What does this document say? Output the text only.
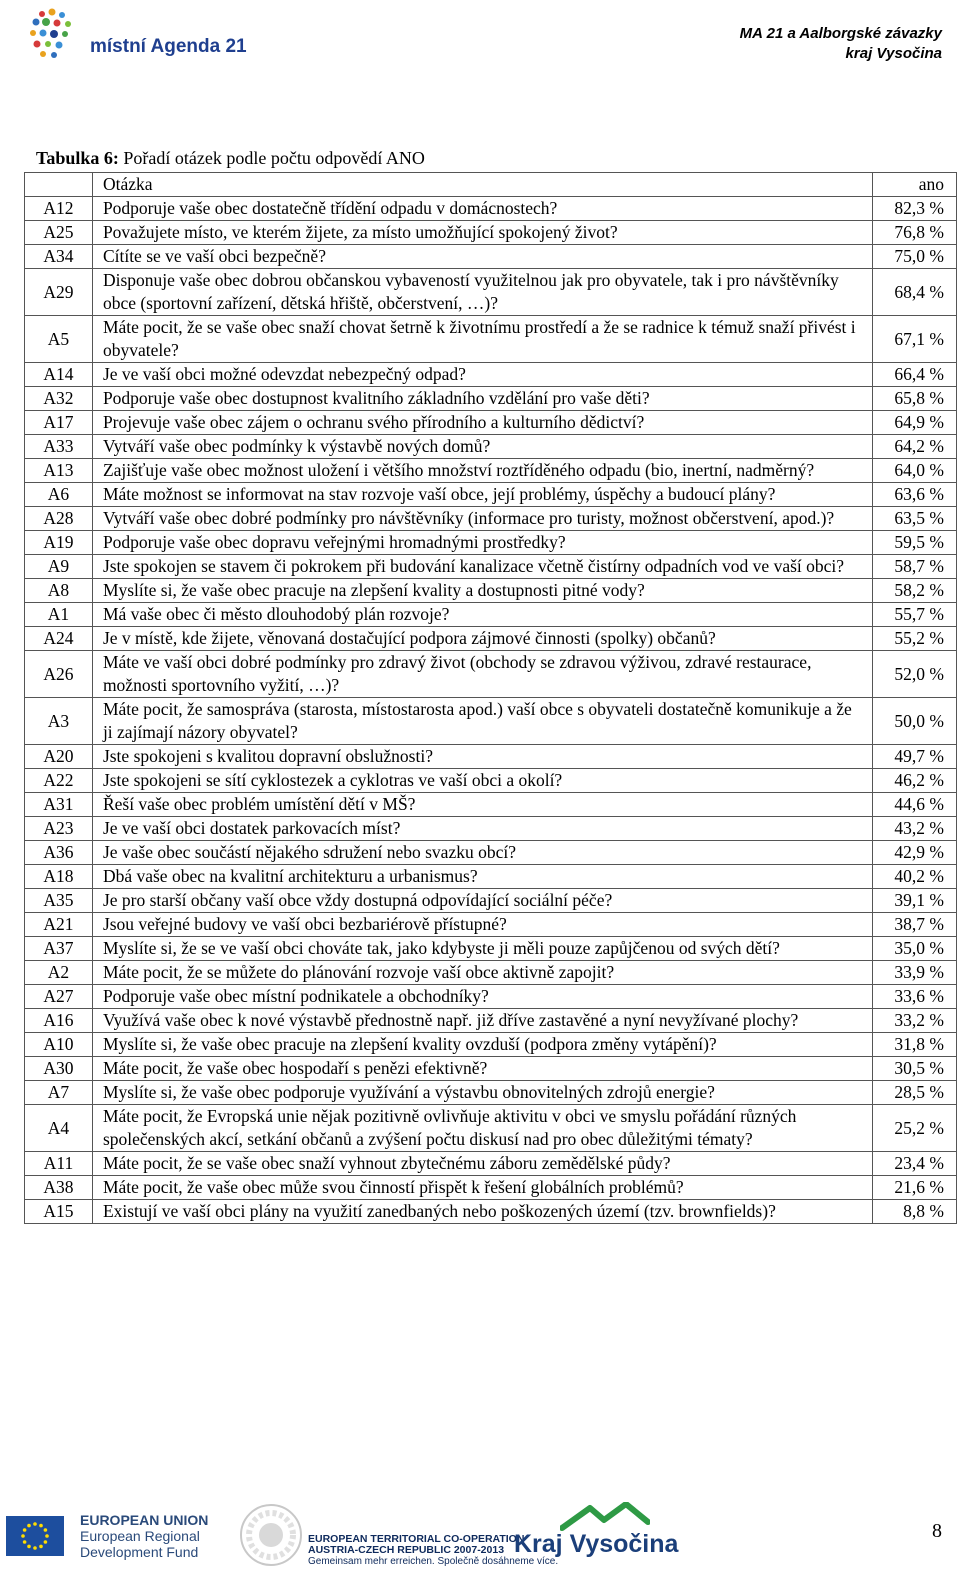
místní Agenda 21
MA 21 a Aalborgské závazky
kraj Vysočina
Tabulka 6: Pořadí otázek podle počtu odpovědí ANO
	Otázka	ano
A12	Podporuje vaše obec dostatečně třídění odpadu v domácnostech?	82,3 %
A25	Považujete místo, ve kterém žijete, za místo umožňující spokojený život?	76,8 %
A34	Cítíte se ve vaší obci bezpečně?	75,0 %
A29	Disponuje vaše obec dobrou občanskou vybaveností využitelnou jak pro obyvatele, tak i pro návštěvníky obce (sportovní zařízení, dětská hřiště, občerstvení, …)?	68,4 %
A5	Máte pocit, že se vaše obec snaží chovat šetrně k životnímu prostředí a že se radnice k témuž snaží přivést i obyvatele?	67,1 %
A14	Je ve vaší obci možné odevzdat nebezpečný odpad?	66,4 %
A32	Podporuje vaše obec dostupnost kvalitního základního vzdělání pro vaše děti?	65,8 %
A17	Projevuje vaše obec zájem o ochranu svého přírodního a kulturního dědictví?	64,9 %
A33	Vytváří vaše obec podmínky k výstavbě nových domů?	64,2 %
A13	Zajišťuje vaše obec možnost uložení i většího množství roztříděného odpadu (bio, inertní, nadměrný?	64,0 %
A6	Máte možnost se informovat na stav rozvoje vaší obce, její problémy, úspěchy a budoucí plány?	63,6 %
A28	Vytváří vaše obec dobré podmínky pro návštěvníky (informace pro turisty, možnost občerstvení, apod.)?	63,5 %
A19	Podporuje vaše obec dopravu veřejnými hromadnými prostředky?	59,5 %
A9	Jste spokojen se stavem či pokrokem při budování kanalizace včetně čistírny odpadních vod ve vaší obci?	58,7 %
A8	Myslíte si, že vaše obec pracuje na zlepšení kvality a dostupnosti pitné vody?	58,2 %
A1	Má vaše obec či město dlouhodobý plán rozvoje?	55,7 %
A24	Je v místě, kde žijete, věnovaná dostačující podpora zájmové činnosti (spolky) občanů?	55,2 %
A26	Máte ve vaší obci dobré podmínky pro zdravý život (obchody se zdravou výživou, zdravé restaurace, možnosti sportovního vyžití, …)?	52,0 %
A3	Máte pocit, že samospráva (starosta, místostarosta apod.) vaší obce s obyvateli dostatečně komunikuje a že ji zajímají názory obyvatel?	50,0 %
A20	Jste spokojeni s kvalitou dopravní obslužnosti?	49,7 %
A22	Jste spokojeni se sítí cyklostezek a cyklotras ve vaší obci a okolí?	46,2 %
A31	Řeší vaše obec problém umístění dětí v MŠ?	44,6 %
A23	Je ve vaší obci dostatek parkovacích míst?	43,2 %
A36	Je vaše obec součástí nějakého sdružení nebo svazku obcí?	42,9 %
A18	Dbá vaše obec na kvalitní architekturu a urbanismus?	40,2 %
A35	Je pro starší občany vaší obce vždy dostupná odpovídající sociální péče?	39,1 %
A21	Jsou veřejné budovy ve vaší obci bezbariérově přístupné?	38,7 %
A37	Myslíte si, že se ve vaší obci chováte tak, jako kdybyste ji měli pouze zapůjčenou od svých dětí?	35,0 %
A2	Máte pocit, že se můžete do plánování rozvoje vaší obce aktivně zapojit?	33,9 %
A27	Podporuje vaše obec místní podnikatele a obchodníky?	33,6 %
A16	Využívá vaše obec k nové výstavbě přednostně např. již dříve zastavěné a nyní nevyžívané plochy?	33,2 %
A10	Myslíte si, že vaše obec pracuje na zlepšení kvality ovzduší (podpora změny vytápění)?	31,8 %
A30	Máte pocit, že vaše obec hospodaří s penězi efektivně?	30,5 %
A7	Myslíte si, že vaše obec podporuje využívání a výstavbu obnovitelných zdrojů energie?	28,5 %
A4	Máte pocit, že Evropská unie nějak pozitivně ovlivňuje aktivitu v obci ve smyslu pořádání různých společenských akcí, setkání občanů a zvýšení počtu diskusí nad pro obec důležitými tématy?	25,2 %
A11	Máte pocit, že se vaše obec snaží vyhnout zbytečnému záboru zemědělské půdy?	23,4 %
A38	Máte pocit, že vaše obec může svou činností přispět k řešení globálních problémů?	21,6 %
A15	Existují ve vaší obci plány na využití zanedbaných nebo poškozených území (tzv. brownfields)?	8,8 %
EUROPEAN UNION
European Regional
Development Fund
EUROPEAN TERRITORIAL CO-OPERATION
AUSTRIA-CZECH REPUBLIC 2007-2013
Gemeinsam mehr erreichen. Společně dosáhneme více.
Kraj Vysočina	8
